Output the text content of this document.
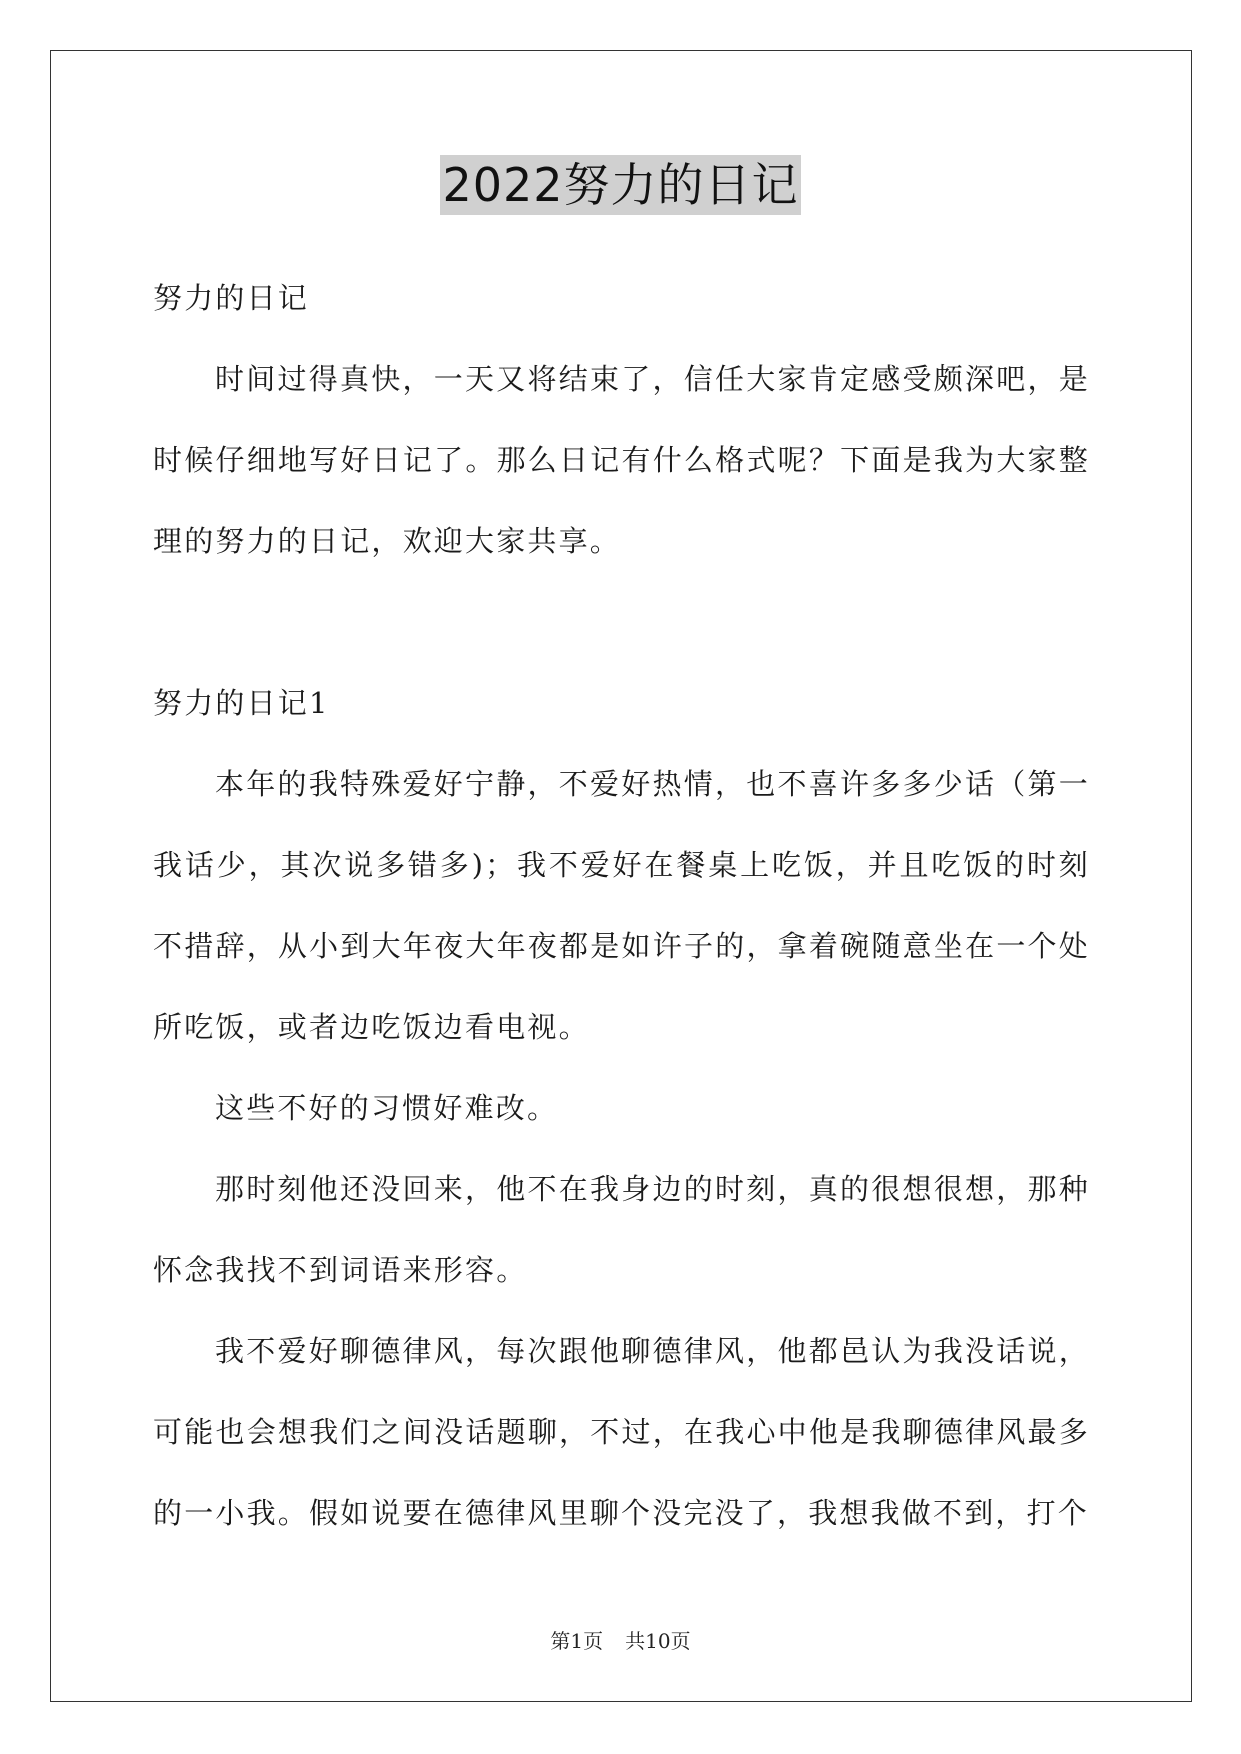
2022努力的日记

努力的日记

时间过得真快，一天又将结束了，信任大家肯定感受颇深吧，是时候仔细地写好日记了。那么日记有什么格式呢？下面是我为大家整理的努力的日记，欢迎大家共享。

努力的日记1

本年的我特殊爱好宁静，不爱好热情，也不喜许多多少话（第一我话少，其次说多错多)；我不爱好在餐桌上吃饭，并且吃饭的时刻不措辞，从小到大年夜大年夜都是如许子的，拿着碗随意坐在一个处所吃饭，或者边吃饭边看电视。

这些不好的习惯好难改。

那时刻他还没回来，他不在我身边的时刻，真的很想很想，那种怀念我找不到词语来形容。

我不爱好聊德律风，每次跟他聊德律风，他都邑认为我没话说，可能也会想我们之间没话题聊，不过，在我心中他是我聊德律风最多的一小我。假如说要在德律风里聊个没完没了，我想我做不到，打个

第1页 共10页
